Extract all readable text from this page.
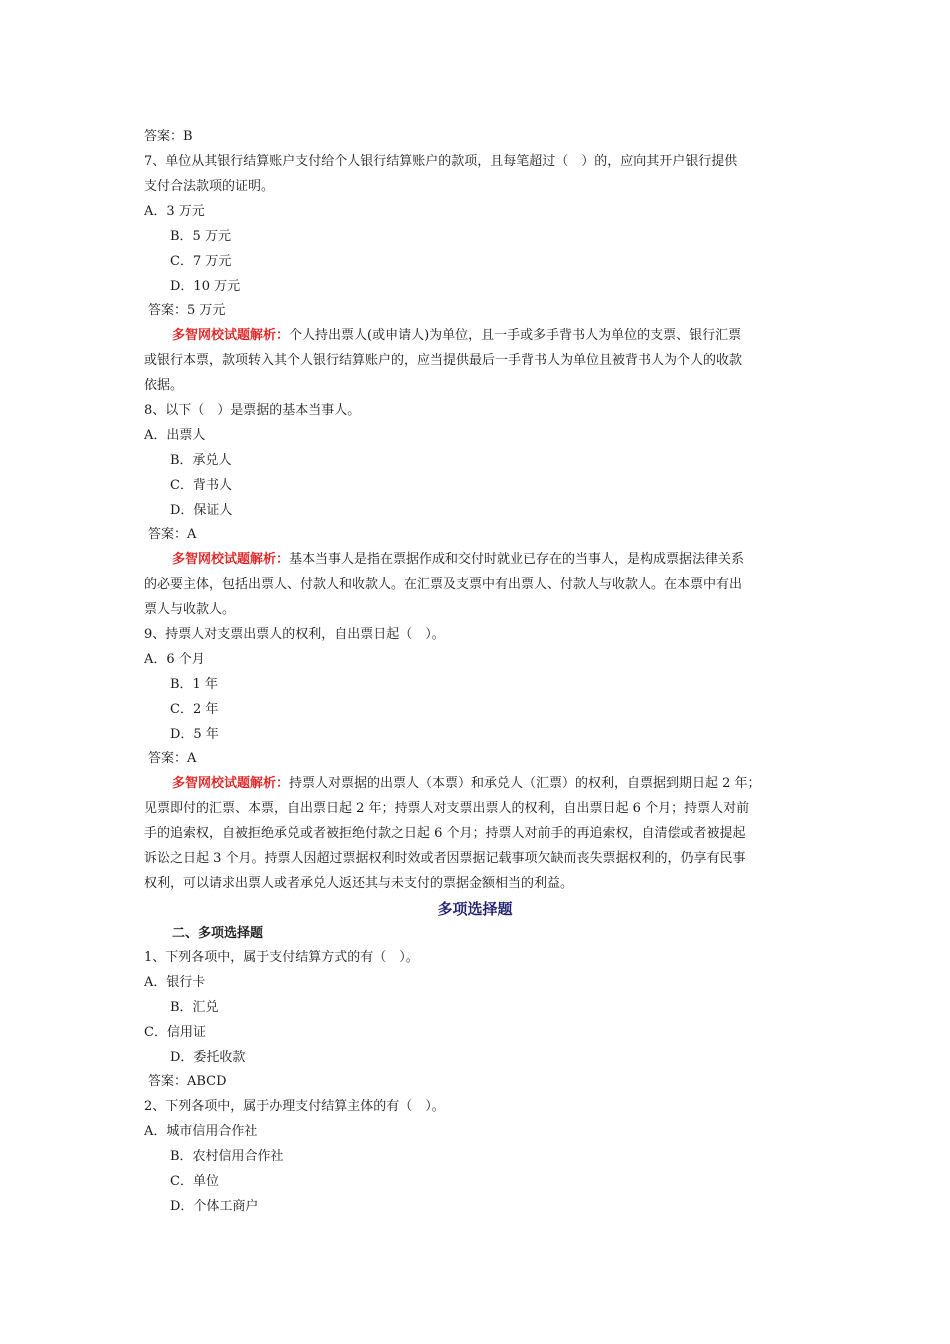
答案：B
7、单位从其银行结算账户支付给个人银行结算账户的款项，且每笔超过（　）的，应向其开户银行提供
支付合法款项的证明。
A．3 万元
B．5 万元
C．7 万元
D．10 万元
答案：5 万元
多智网校试题解析：个人持出票人(或申请人)为单位，且一手或多手背书人为单位的支票、银行汇票
或银行本票，款项转入其个人银行结算账户的，应当提供最后一手背书人为单位且被背书人为个人的收款
依据。
8、以下（　）是票据的基本当事人。
A．出票人
B．承兑人
C．背书人
D．保证人
答案：A
多智网校试题解析：基本当事人是指在票据作成和交付时就业已存在的当事人，是构成票据法律关系
的必要主体，包括出票人、付款人和收款人。在汇票及支票中有出票人、付款人与收款人。在本票中有出
票人与收款人。
9、持票人对支票出票人的权利，自出票日起（　）。
A．6 个月
B．1 年
C．2 年
D．5 年
答案：A
多智网校试题解析：持票人对票据的出票人（本票）和承兑人（汇票）的权利，自票据到期日起 2 年；
见票即付的汇票、本票，自出票日起 2 年；持票人对支票出票人的权利，自出票日起 6 个月；持票人对前
手的追索权，自被拒绝承兑或者被拒绝付款之日起 6 个月；持票人对前手的再追索权，自清偿或者被提起
诉讼之日起 3 个月。持票人因超过票据权利时效或者因票据记载事项欠缺而丧失票据权利的，仍享有民事
权利，可以请求出票人或者承兑人返还其与未支付的票据金额相当的利益。
多项选择题
二、多项选择题
1、下列各项中，属于支付结算方式的有（　）。
A．银行卡
B．汇兑
C．信用证
D．委托收款
答案：ABCD
2、下列各项中，属于办理支付结算主体的有（　）。
A．城市信用合作社
B．农村信用合作社
C．单位
D．个体工商户
